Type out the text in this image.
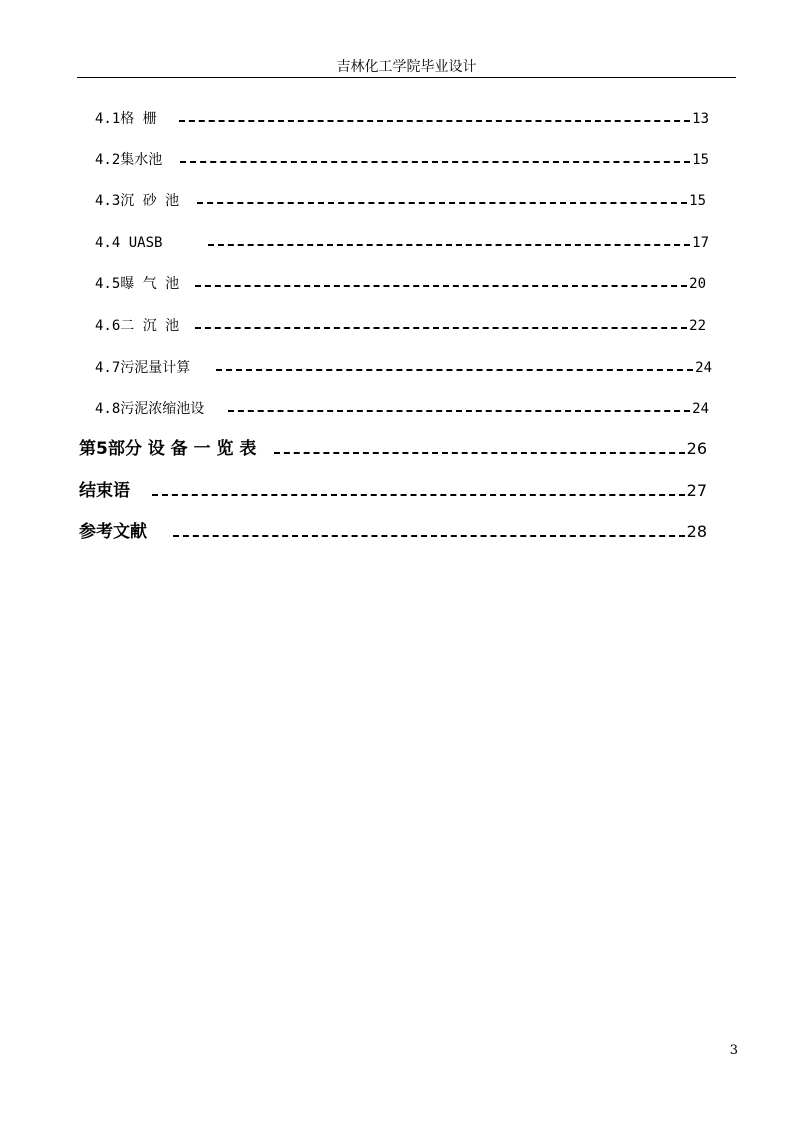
吉林化工学院毕业设计
4.1格 栅	13
4.2集水池	15
4.3沉 砂 池	15
4.4 UASB	17
4.5曝 气 池	20
4.6二 沉 池	22
4.7污泥量计算	24
4.8污泥浓缩池设	24
第5部分 设 备 一 览 表	26
结束语	27
参考文献	28
3
